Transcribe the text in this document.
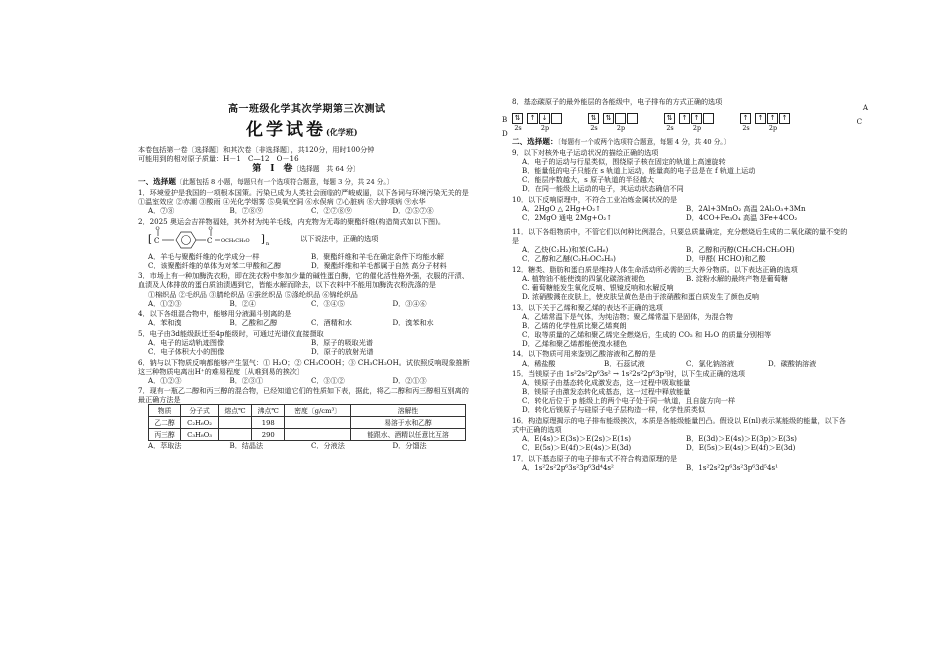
高一班级化学其次学期第三次测试
化学试卷(化学班)

本卷包括第一卷〔选择题〕和其次卷〔非选择题〕，共120分，用时100分钟

可能用到的相对原子质量：H－1　C—12　O－16

第　Ⅰ　卷〔选择题　共 64 分〕

一、选择题〔此题包括 8 小题，每题只有一个选项符合题意，每题 3 分，共 24 分。〕

1．环境爱护是我国的一项根本国策。污染已成为人类社会面临的严峻威逼，以下各词与环境污染无关的是①温室效应 ②赤潮 ③酸雨 ④光化学烟雾 ⑤臭氧空洞 ⑥水俣病 ⑦心脏病 ⑧大脖项病 ⑨水华

A．⑦⑧	B．⑦⑧⑨	C．②⑦⑧⑨	D．②⑤⑦⑧

2．2025 奥运会吉祥物福娃，其外材为纯羊毛线，内充物为无毒的聚酯纤维(构造简式如以下图)。

[ C
O
C
O
OCH₂CH₂O ] n
以下说法中，正确的选项

A．羊毛与聚酯纤维的化学成分一样	B．聚酯纤维和羊毛在确定条件下均能水解
C．该聚酯纤维的单体为对苯二甲酸和乙醇	D．聚酯纤维和羊毛都属于自然 高分子材料

3．市场上有一种加酶洗衣粉，即在洗衣粉中参加少量的碱性蛋白酶，它的催化活性格外强，衣服的汗渍、血渍及人体排放的蛋白质油渍遇到它，皆能水解而除去，以下衣料中不能用加酶洗衣粉洗涤的是

①棉织品 ②毛织品 ③腈纶织品 ④蚕丝织品 ⑤涤纶织品 ⑥锦纶织品

A．①②③	B．②④	C．③④⑤	D．③④⑥

4．以下各组混合物中，能够用分液漏斗别离的是

A．苯和溴	B．乙酸和乙醇	C．酒精和水	D．溴苯和水

5．电子由3d能级跃迁至4p能级时，可通过光谱仪直接摄取

A．电子的运动轨迹图像	B．原子的吸取光谱
C．电子体积大小的图像	D．原子的放射光谱

6．钠与以下物质反响都能够产生氢气：① H₂O；② CH₃COOH；③ CH₃CH₂OH。试依照反响现象推断这三种物质电离出H⁺的难易程度〔从难到易的挨次〕

A．①②③	B．②③①	C．③①②	D．②①③

7．现有一瓶乙二醇和丙三醇的混合物，已经知道它们的性质如下表，据此，将乙二醇和丙三醇相互别离的最正确方法是

物质	分子式	熔点℃	沸点℃	密度〔g/cm³〕	溶解性
乙二醇	C₂H₆O₂		198		易溶于水和乙醇
丙三醇	C₃H₈O₃		290		能跟水、酒精以任意比互溶
A．萃取法	B．结晶法	C．分液法	D．分馏法

8．基态碳原子的最外能层的各能级中，电子排布的方式正确的选项

B
D
A
C
⇅
2s
↑ ↓
2p
⇅
2s
⇅
2p
⇅
2s
↑ ↑
2p
↑
2s
↑ ↑ ↑
2p

二、选择题：〔每题有一个或两个选项符合题意，每题 4 分，共 40 分。〕

9．以下对核外电子运动状况的描绘正确的选项

A．电子的运动与行星类似，围绕原子核在固定的轨道上高速旋转
B．能量低的电子只能在 s 轨道上运动，能量高的电子总是在 f 轨道上运动
C．能层序数越大，s 原子轨道的半径越大
D．在同一能级上运动的电子，其运动状态确信不同

10．以下反响原理中，不符合工业冶炼金属状况的是

A．2HgO △ 2Hg+O₂↑	B．2Al+3MnO₂ 高温 2Al₂O₃+3Mn
C．2MgO 通电 2Mg+O₂↑	D．4CO+Fe₃O₄ 高温 3Fe+4CO₂

11．以下各组物质中，不管它们以何种比例混合，只要总质量确定，充分燃烧后生成的二氧化碳的量不变的是

A．乙炔(C₂H₂)和苯(C₆H₆)	B．乙醇和丙醇(CH₃CH₂CH₂OH)
C．乙醇和乙醚(C₂H₅OC₂H₅)	D．甲醛( HCHO)和乙酸

12．糖类、脂肪和蛋白质是维持人体生命活动所必需的三大养分物质。以下表达正确的选项

A. 植物油不能使溴的四氯化碳溶液褪色	B. 淀粉水解的最终产物是葡萄糖
C. 葡萄糖能发生氧化反响、银镜反响和水解反响
D. 浓硝酸溅在皮肤上，使皮肤呈黄色是由于浓硝酸和蛋白质发生了颜色反响

13．以下关于乙烯和聚乙烯的表达不正确的选项

A．乙烯常温下是气体，为纯洁物；聚乙烯常温下是固体，为混合物
B．乙烯的化学性质比聚乙烯爽朗
C．取等质量的乙烯和聚乙烯完全燃烧后，生成的 CO₂ 和 H₂O 的质量分别相等
D．乙烯和聚乙烯都能使溴水褪色

14．以下物质可用来鉴别乙酸溶液和乙醇的是

A．稀盐酸	B．石蕊试液	C．氯化钠溶液	D．碳酸钠溶液

15．当镁原子由 1s²2s²2p⁶3s² → 1s²2s²2p⁶3p²时，以下生成正确的选项

A．镁原子由基态转化成激发态，这一过程中吸取能量
B．镁原子由激发态转化成基态，这一过程中释放能量
C．转化后位于 p 能级上的两个电子处于同一轨道，且自旋方向一样
D．转化后镁原子与硅原子电子层构造一样，化学性质类似

16．构造原理揭示的电子排布能级挨次，本质是各能级能量凹凸。假设以 E(nl)表示某能级的能量，以下各式中正确的选项

A．E(4s)＞E(3s)＞E(2s)＞E(1s)	B．E(3d)＞E(4s)＞E(3p)＞E(3s)
C．E(5s)＞E(4f)＞E(4s)＞E(3d)	D．E(5s)＞E(4s)＞E(4f)＞E(3d)

17．以下基态原子的电子排布式不符合构造原理的是

A．1s²2s²2p⁶3s²3p⁶3d⁴4s²	B．1s²2s²2p⁶3s²3p⁶3d⁵4s¹
